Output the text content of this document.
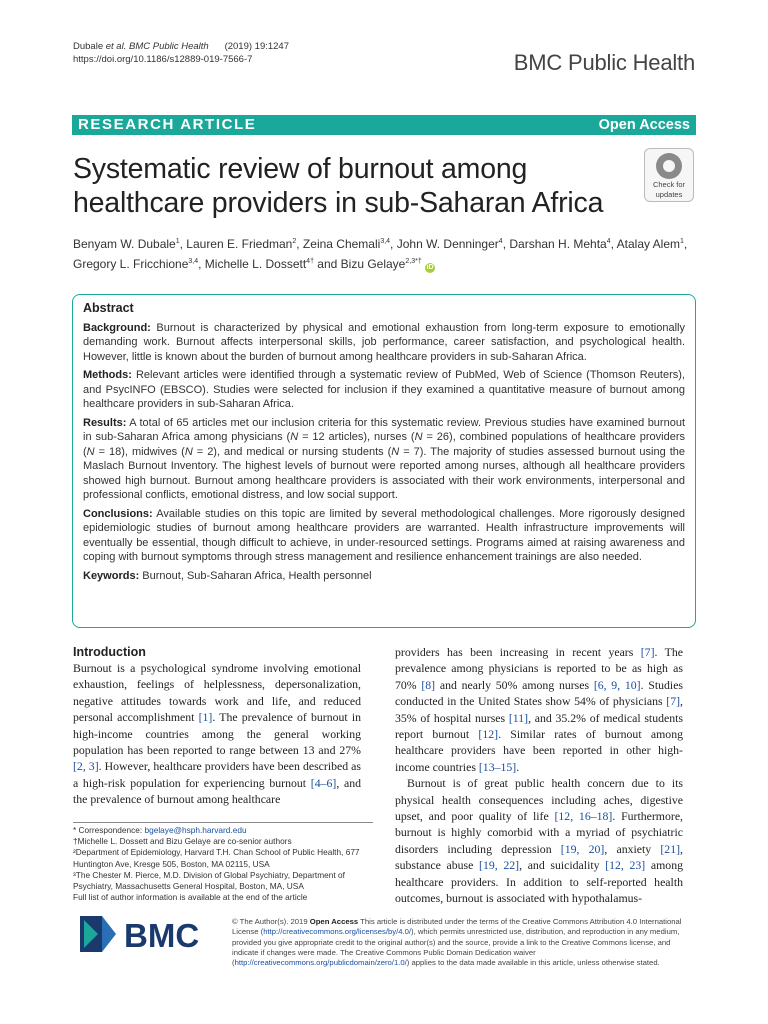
Dubale et al. BMC Public Health (2019) 19:1247
https://doi.org/10.1186/s12889-019-7566-7	BMC Public Health
RESEARCH ARTICLE	Open Access
Systematic review of burnout among healthcare providers in sub-Saharan Africa
Check for
updates
Benyam W. Dubale$^1$, Lauren E. Friedman$^2$, Zeina Chemali$^{3,4}$, John W. Denninger$^4$, Darshan H. Mehta$^4$, Atalay Alem$^1$, Gregory L. Fricchione$^{3,4}$, Michelle L. Dossett$^{4\dagger}$ and Bizu Gelaye$^{2,3*\dagger}$ iD
Abstract

Background: Burnout is characterized by physical and emotional exhaustion from long-term exposure to emotionally demanding work. Burnout affects interpersonal skills, job performance, career satisfaction, and psychological health. However, little is known about the burden of burnout among healthcare providers in sub-Saharan Africa.

Methods: Relevant articles were identified through a systematic review of PubMed, Web of Science (Thomson Reuters), and PsycINFO (EBSCO). Studies were selected for inclusion if they examined a quantitative measure of burnout among healthcare providers in sub-Saharan Africa.

Results: A total of 65 articles met our inclusion criteria for this systematic review. Previous studies have examined burnout in sub-Saharan Africa among physicians (N = 12 articles), nurses (N = 26), combined populations of healthcare providers (N = 18), midwives (N = 2), and medical or nursing students (N = 7). The majority of studies assessed burnout using the Maslach Burnout Inventory. The highest levels of burnout were reported among nurses, although all healthcare providers showed high burnout. Burnout among healthcare providers is associated with their work environments, interpersonal and professional conflicts, emotional distress, and low social support.

Conclusions: Available studies on this topic are limited by several methodological challenges. More rigorously designed epidemiologic studies of burnout among healthcare providers are warranted. Health infrastructure improvements will eventually be essential, though difficult to achieve, in under-resourced settings. Programs aimed at raising awareness and coping with burnout symptoms through stress management and resilience enhancement trainings are also needed.

Keywords: Burnout, Sub-Saharan Africa, Health personnel

Introduction

Burnout is a psychological syndrome involving emotional exhaustion, feelings of helplessness, depersonalization, negative attitudes towards work and life, and reduced personal accomplishment [1]. The prevalence of burnout in high-income countries among the general working population has been reported to range between 13 and 27% [2, 3]. However, healthcare providers have been described as a high-risk population for experiencing burnout [4–6], and the prevalence of burnout among healthcare

providers has been increasing in recent years [7]. The prevalence among physicians is reported to be as high as 70% [8] and nearly 50% among nurses [6, 9, 10]. Studies conducted in the United States show 54% of physicians [7], 35% of hospital nurses [11], and 35.2% of medical students report burnout [12]. Similar rates of burnout among healthcare providers have been reported in other high-income countries [13–15].

Burnout is of great public health concern due to its physical health consequences including aches, digestive upset, and poor quality of life [12, 16–18]. Furthermore, burnout is highly comorbid with a myriad of psychiatric disorders including depression [19, 20], anxiety [21], substance abuse [19, 22], and suicidality [12, 23] among healthcare providers. In addition to self-reported health outcomes, burnout is associated with hypothalamus-

* Correspondence: bgelaye@hsph.harvard.edu
†Michelle L. Dossett and Bizu Gelaye are co-senior authors
²Department of Epidemiology, Harvard T.H. Chan School of Public Health, 677 Huntington Ave, Kresge 505, Boston, MA 02115, USA
³The Chester M. Pierce, M.D. Division of Global Psychiatry, Department of Psychiatry, Massachusetts General Hospital, Boston, MA, USA
Full list of author information is available at the end of the article
BMC	© The Author(s). 2019 Open Access This article is distributed under the terms of the Creative Commons Attribution 4.0 International License (http://creativecommons.org/licenses/by/4.0/), which permits unrestricted use, distribution, and reproduction in any medium, provided you give appropriate credit to the original author(s) and the source, provide a link to the Creative Commons license, and indicate if changes were made. The Creative Commons Public Domain Dedication waiver (http://creativecommons.org/publicdomain/zero/1.0/) applies to the data made available in this article, unless otherwise stated.
